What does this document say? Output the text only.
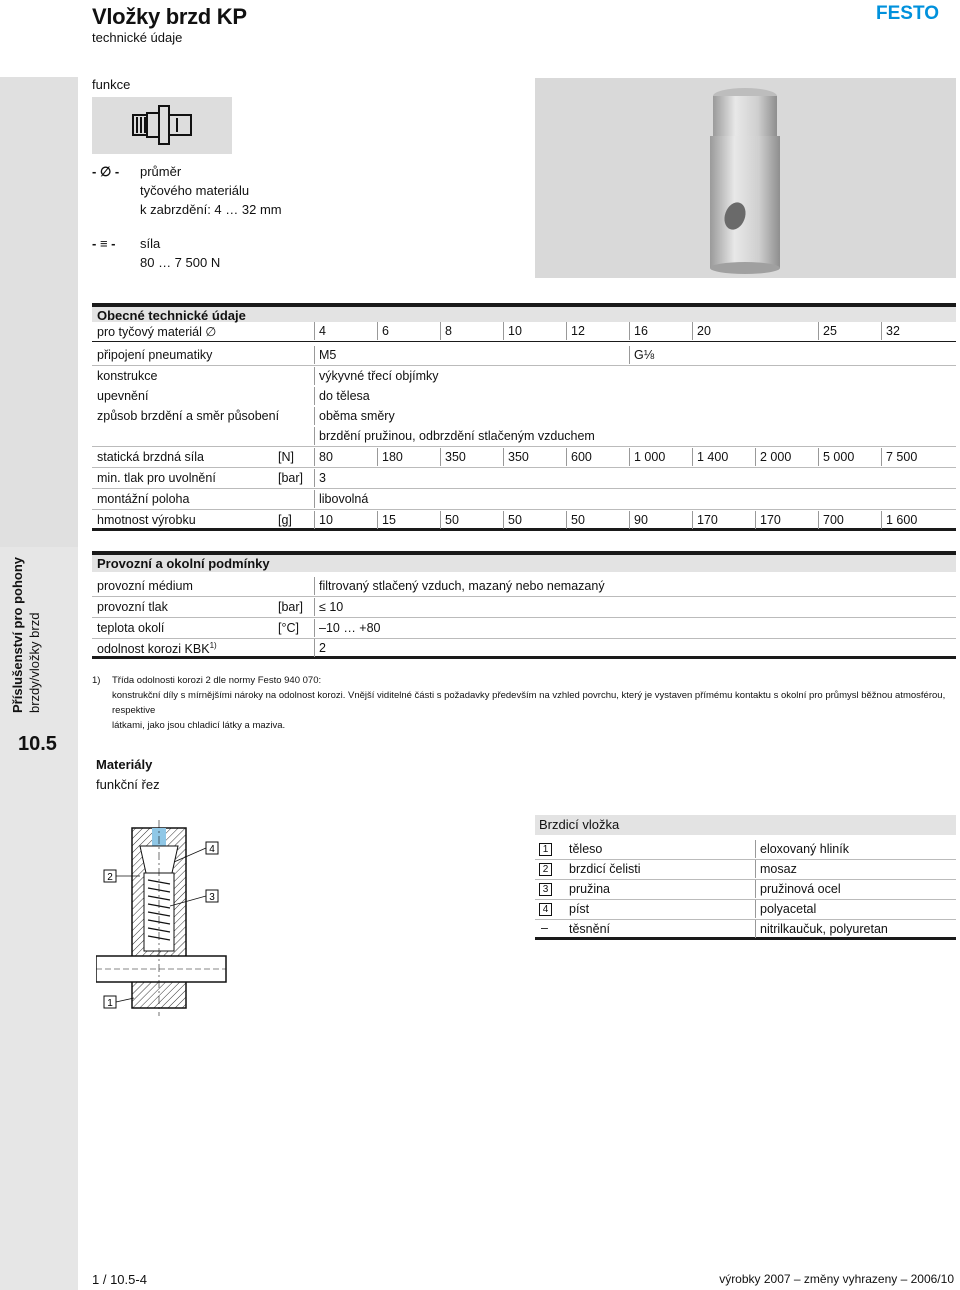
Vložky brzd KP
technické údaje
FESTO
Příslušenství pro pohony brzdy/vložky brzd
10.5
funkce
- ∅ - průměr
tyčového materiálu
k zabrzdění: 4 … 32 mm
- ≡ - síla
80 … 7 500 N
Obecné technické údaje
pro tyčový materiál ∅	4	6	8	10	12	16	20	25	32
připojení pneumatiky	M5	G⅛
konstrukce	výkyvné třecí objímky
upevnění	do tělesa
způsob brzdění a směr působení	oběma směry
brzdění pružinou, odbrzdění stlačeným vzduchem
statická brzdná síla	[N] 80	180	350	350	600	1 000	1 400	2 000	5 000	7 500
min. tlak pro uvolnění	[bar] 3
montážní poloha	libovolná
hmotnost výrobku	[g] 10	15	50	50	50	90	170	170	700	1 600
Provozní a okolní podmínky
provozní médium	filtrovaný stlačený vzduch, mazaný nebo nemazaný
provozní tlak	[bar] ≤ 10
teplota okolí	[°C] –10 … +80
odolnost korozi KBK$^{1)}$	2
1) Třída odolnosti korozi 2 dle normy Festo 940 070:
konstrukční díly s mírnějšími nároky na odolnost korozi. Vnější viditelné části s požadavky především na vzhled povrchu, který je vystaven přímému kontaktu s okolní pro průmysl běžnou atmosférou, respektive
látkami, jako jsou chladicí látky a maziva.
Materiály
funkční řez
2
4
3
1
Brzdicí vložka
1 těleso	eloxovaný hliník
2 brzdicí čelisti	mosaz
3 pružina	pružinová ocel
4 píst	polyacetal
– těsnění	nitrilkaučuk, polyuretan
1 / 10.5-4	výrobky 2007 – změny vyhrazeny – 2006/10
